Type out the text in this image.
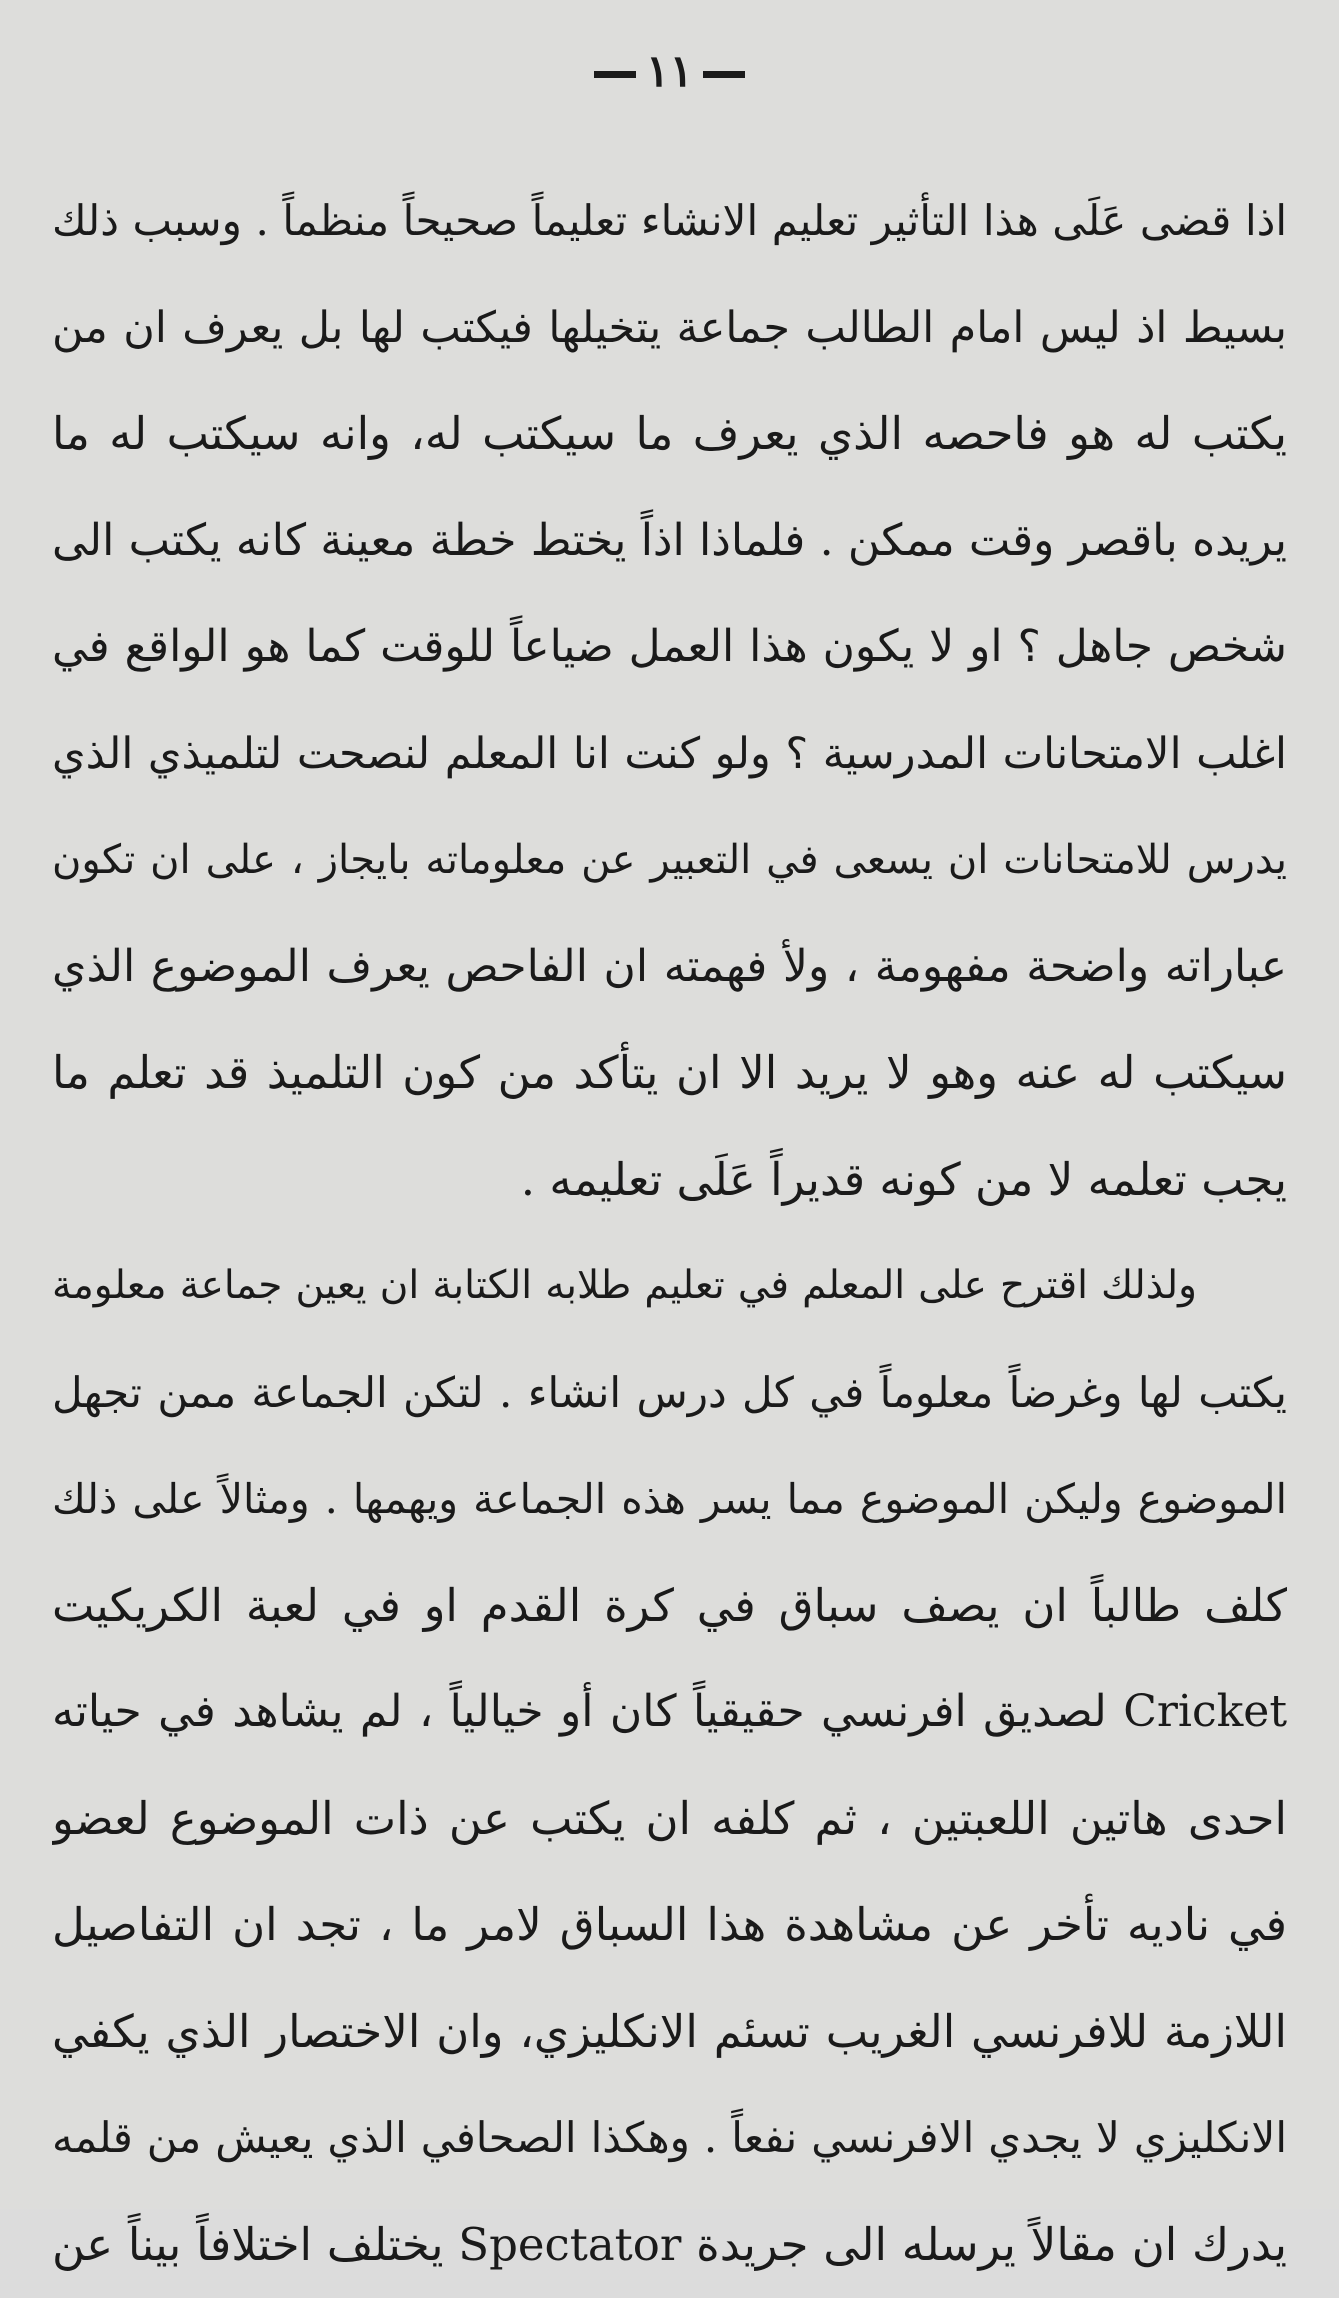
١١
اذا قضى عَلَى هذا التأثير تعليم الانشاء تعليماً صحيحاً منظماً . وسبب ذلك
بسيط اذ ليس امام الطالب جماعة يتخيلها فيكتب لها بل يعرف ان من
يكتب له هو فاحصه الذي يعرف ما سيكتب له، وانه سيكتب له ما
يريده باقصر وقت ممكن . فلماذا اذاً يختط خطة معينة كانه يكتب الى
شخص جاهل ؟ او لا يكون هذا العمل ضياعاً للوقت كما هو الواقع في
اغلب الامتحانات المدرسية ؟ ولو كنت انا المعلم لنصحت لتلميذي الذي
يدرس للامتحانات ان يسعى في التعبير عن معلوماته بايجاز ، على ان تكون
عباراته واضحة مفهومة ، ولأ فهمته ان الفاحص يعرف الموضوع الذي
سيكتب له عنه وهو لا يريد الا ان يتأكد من كون التلميذ قد تعلم ما
يجب تعلمه لا من كونه قديراً عَلَى تعليمه .
ولذلك اقترح على المعلم في تعليم طلابه الكتابة ان يعين جماعة معلومة
يكتب لها وغرضاً معلوماً في كل درس انشاء . لتكن الجماعة ممن تجهل
الموضوع وليكن الموضوع مما يسر هذه الجماعة ويهمها . ومثالاً على ذلك
كلف طالباً ان يصف سباق في كرة القدم او في لعبة الكريكيت
Cricket لصديق افرنسي حقيقياً كان أو خيالياً ، لم يشاهد في حياته
احدى هاتين اللعبتين ، ثم كلفه ان يكتب عن ذات الموضوع لعضو
في ناديه تأخر عن مشاهدة هذا السباق لامر ما ، تجد ان التفاصيل
اللازمة للافرنسي الغريب تسئم الانكليزي، وان الاختصار الذي يكفي
الانكليزي لا يجدي الافرنسي نفعاً . وهكذا الصحافي الذي يعيش من قلمه
يدرك ان مقالاً يرسله الى جريدة Spectator يختلف اختلافاً بيناً عن
